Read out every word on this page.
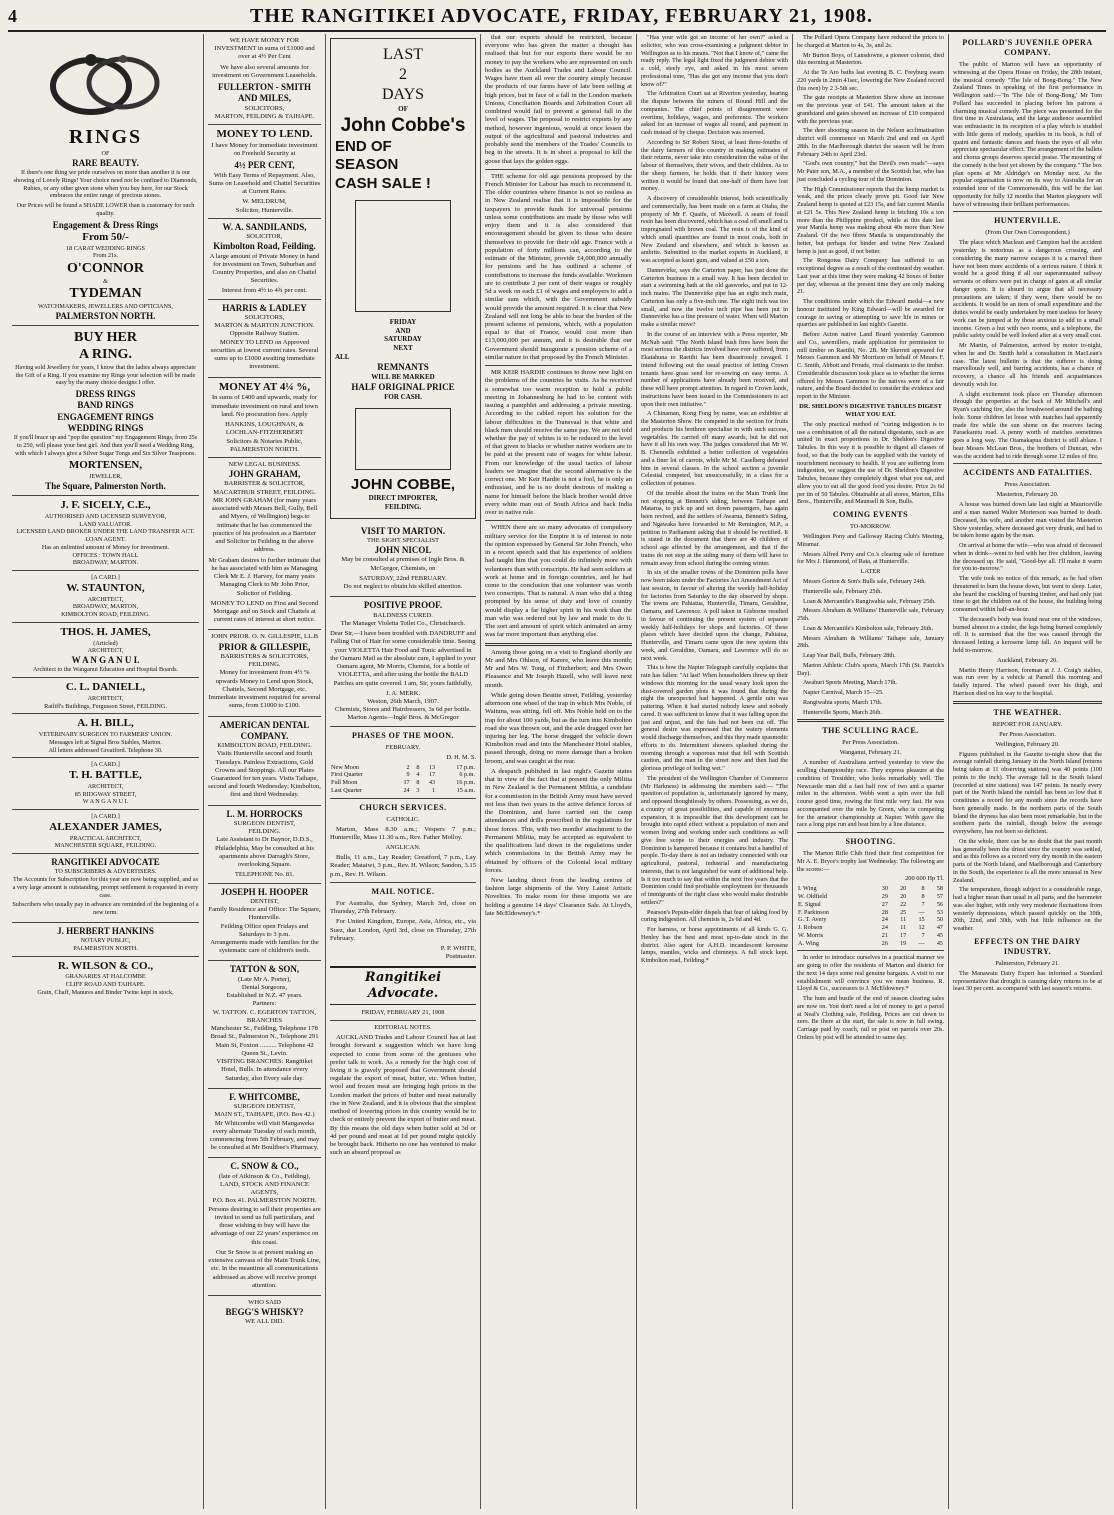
4	THE RANGITIKEI ADVOCATE, FRIDAY, FEBRUARY 21, 1908.
RINGS
OF
RARE BEAUTY.

If there's one thing we pride ourselves on more than another it is our showing of Lovely Rings! Your choice need not be confined to Diamonds, Rubies, or any other given stone when you buy here, for our Stock embraces the entire range of precious stones.

Our Prices will be found a SHADE LOWER than is customary for such quality.

Engagement & Dress Rings
From 50/-
18 CARAT WEDDING RINGS
From 21s.
O'CONNOR
&
TYDEMAN
WATCHMAKERS, JEWELLERS AND OPTICIANS,
PALMERSTON NORTH.
BUY HER
A RING.

Having sold Jewellery for years, I know that the ladies always appreciate the Gift of a Ring. If you examine my Rings your selection will be made easy by the many choice designs I offer.

DRESS RINGS
BAND RINGS
ENGAGEMENT RINGS
WEDDING RINGS

If you'll brace up and "pop the question" my Engagement Rings, from 25s to 250, will please your best girl. And then you'll need a Wedding Ring, with which I always give a Silver Sugar Tongs and Six Silver Teaspoons.

MORTENSEN,
JEWELLER,
The Square, Palmerston North.
J. F. SICELY, C.E.,
AUTHORISED AND LICENSED SURVEYOR,
LAND VALUATOR.
LICENSED LAND BROKER UNDER THE LAND TRANSFER ACT.
LOAN AGENT.
Has an unlimited amount of Money for investment.
OFFICES : TOWN HALL
BROADWAY, MARTON.
[A CARD.]
W. STAUNTON,
ARCHITECT,
BROADWAY, MARTON,
KIMBOLTON ROAD, FEILDING.
THOS. H. JAMES,
(Articled)
ARCHITECT,
W A N G A N U I.
Architect to the Wanganui Education and Hospital Boards.
C. L. DANIELL,
ARCHITECT,
Ratliff's Buildings, Fergusson Street, FEILDING.
A. H. BILL,
VETERINARY SURGEON TO FARMERS' UNION.
Messages left at Signal Bros Stables, Marton.
All letters addressed Greatford. Telephone 30.
[A CARD.]
T. H. BATTLE,
ARCHITECT,
85 RIDGWAY STREET,
W A N G A N U I.
[A CARD.]
ALEXANDER JAMES,
PRACTICAL ARCHITECT,
MANCHESTER SQUARE, FEILDING.
RANGITIKEI ADVOCATE
TO SUBSCRIBERS & ADVERTISERS.

The Accounts for Subscription for this year are now being supplied, and as a very large amount is outstanding, prompt settlement is requested in every case.

Subscribers who usually pay in advance are reminded of the beginning of a new term.

J. HERBERT HANKINS
NOTARY PUBLIC,
PALMERSTON NORTH.
R. WILSON & CO.,
GRANARIES AT HALCOMBE
CLIFF ROAD AND TAIHAPE.
Grain, Chaff, Manures and Binder Twine kept in stock.

WE HAVE MONEY FOR INVESTMENT in sums of £1000 and over at 4½ Per Cent

We have also several amounts for investment on Government Leaseholds.

FULLERTON - SMITH AND MILES,
SOLICITORS,
MARTON, FEILDING & TAIHAPE.
MONEY TO LEND.

I have Money for immediate investment on Freehold Security at

4½ PER CENT,

With Easy Terms of Repayment. Also, Sums on Leasehold and Chattel Securities at Current Rates.

W. MELDRUM,
Solicitor, Hunterville.
W. A. SANDILANDS,
SOLICITOR,
Kimbolton Road, Feilding.

A large amount of Private Money in hand for investment on Town, Suburban and Country Properties, and also on Chattel Securities.

Interest from 4½ to 4¾ per cent.
HARRIS & LADLEY
SOLICITORS,
MARTON & MARTON JUNCTION.
Opposite Railway Station.

MONEY TO LEND on Approved securities at lowest current rates. Several sums up to £1000 awaiting immediate investment.

MONEY AT 4¼ %,

In sums of £400 and upwards, ready for immediate investment on rural and town land. No procuration fees. Apply

HANKINS, LOUGHNAN, & LOCHLAN-FITZHERBERT
Solicitors & Notaries Public, PALMERSTON NORTH.
NEW LEGAL BUSINESS.
JOHN GRAHAM,
BARRISTER & SOLICITOR,
MACARTHUR STREET, FEILDING.

MR JOHN GRAHAM (for many years associated with Messrs Bell, Gully, Bell and Myers, of Wellington) begs to intimate that he has commenced the practice of his profession as a Barrister and Solicitor in Feilding in the above address.

Mr Graham desires to further intimate that he has associated with him as Managing Clerk Mr E. J. Harvey, for many years Managing Clerk to Mr John Prior, Solicitor of Feilding.

MONEY TO LEND on First and Second Mortgage and on Stock and Chattels at current rates of interest at short notice.

JOHN PRIOR. O. N. GILLESPIE, LL.B
PRIOR & GILLESPIE,
BARRISTERS & SOLICITORS,
FEILDING.

Money for investment from 4½ % upwards Money to Lend upon Stock, Chattels, Second Mortgage, etc. Immediate investment required for several sums, from £1000 to £100.

AMERICAN DENTAL COMPANY.
KIMBOLTON ROAD, FEILDING.

Visits Hunterville second and fourth Tuesdays. Painless Extractions, Gold Crowns and Stoppings. All our Plates Guaranteed for ten years. Visits Taihape, second and fourth Wednesday; Kimbolton, first and third Wednesday.

L. M. HORROCKS
SURGEON DENTIST,
FEILDING.

Late Assistant to Dr Baynor, D.D.S., Philadelphia, May be consulted at his apartments above Darragh's Store, overlooking Square.

TELEPHONE No. 81.
JOSEPH H. HOOPER
DENTIST,
Family Residence and Office: The Square, Hunterville.
Feilding Office open Fridays and Saturdays to 3 p.m.

Arrangements made with families for the systematic care of children's teeth.

TATTON & SON,
(Late Mr A. Porter),
Dental Surgeons,
Established in N.Z. 47 years.
Partners:
W. TATTON. C. EGERTON TATTON,
BRANCHES
Manchester St., Feilding, Telephone 178
Broad St., Palmerston N., Telephone 291
Main St, Foxton .......... Telephone 42
Queen St., Levin.

VISITING BRANCHES: Rangitikei Hotel, Bulls. In attendance every Saturday, also Every sale day.

F. WHITCOMBE,
SURGEON DENTIST,
MAIN ST., TAIHAPE, (P.O. Box 42.)

Mr Whitcombe will visit Mangaweka every alternate Tuesday of each month, commencing from 5th February, and may be consulted at Mr Boultbee's Pharmacy.

C. SNOW & CO.,
(late of Atkinson & Co., Feilding),
LAND, STOCK AND FINANCE AGENTS,
P.O. Box 41. PALMERSTON NORTH.

Persons desiring to sell their properties are invited to send us full particulars, and those wishing to buy will have the advantage of our 22 years' experience on this coast.

Our Sr Snow is at present making an extensive canvass of the Main Trunk Line, etc. In the meantime all communications addressed as above will receive prompt attention.

WHO SAID
BEGG'S WHISKY?
WE ALL DID.
LAST
2
DAYS
OF
John Cobbe's
END OF
SEASON
CASH SALE !
FRIDAY
AND
SATURDAY
NEXT
ALL
REMNANTS
WILL BE MARKED
HALF ORIGINAL PRICE
FOR CASH.
JOHN COBBE,
DIRECT IMPORTER,
FEILDING.
VISIT TO MARTON.
THE SIGHT SPECIALIST
JOHN NICOL

May be consulted at premises of Ingle Bros. & McGregor, Chemists, on

SATURDAY, 22nd FEBRUARY.

Do not neglect to obtain his skilled attention.

POSITIVE PROOF.
BALDNESS CURED.

The Manager Violetta Toilet Co., Christchurch.

Dear Sir,—I have been troubled with DANDRUFF and Falling Out of Hair for some considerable time. Seeing your VIOLETTA Hair Food and Tonic advertised in the Oamaru Mail as the absolute cure, I applied to your Oamaru agent, Mr Morris, Chemist, for a bottle of VIOLETTA, and after using the bottle the BALD Patches are quite covered. I am, Sir, yours faithfully,

J. A. MERK.
Weston, 26th March, 1907.
Chemists, Stores and Hairdressers, 3s 6d per bottle.
Marton Agents—Ingle Bros. & McGregor
PHASES OF THE MOON.
FEBRUARY.
D. H. M. S.
New Moon	2	8	13	17 p.m.
First Quarter	9	4	17	6 p.m.
Full Moon	17	8	43	16 p.m.
Last Quarter	24	3	1	15 a.m.
CHURCH SERVICES.
CATHOLIC.

Marton, Mass 8.30 a.m.; Vespers 7 p.m.; Hunterville, Mass 11.30 a.m., Rev. Father Molloy.

ANGLICAN.

Bulls, 11 a.m., Lay Reader; Greatford, 7 p.m., Lay Reader; Mataiwi, 3 p.m., Rev. H. Wilson; Sandon, 3.15 p.m., Rev. H. Wilson.

MAIL NOTICE.

For Australia, due Sydney, March 3rd, close on Thursday, 27th February.

For United Kingdom, Europe, Asia, Africa, etc., via Suez, due London, April 3rd, close on Thursday, 27th February.

P. P. WHITE,
Postmaster.
Rangitikei Advocate.
FRIDAY, FEBRUARY 21, 1908
EDITORIAL NOTES.

AUCKLAND Trades and Labour Council has at last brought forward a suggestion which we have long expected to come from some of the geniuses who prefer talk to work. As a remedy for the high cost of living it is gravely proposed that Government should regulate the export of meat, butter, etc. When butter, wool and frozen meat are bringing high prices in the London market the prices of butter and meat naturally rise in New Zealand, and it is obvious that the simplest method of lowering prices in this country would be to check or entirely prevent the export of butter and meat. By this means the old days when butter sold at 3d or 4d per pound and meat at 1d per pound might quickly be brought back. Hitherto no one has ventured to make such an absurd proposal as

that our exports should be restricted, because everyone who has given the matter a thought has realised that but for our exports there would be no money to pay the workers who are represented on such bodies as the Auckland Trades and Labour Council. Wages have risen all over the country simply because the products of our farms have of late been selling at high prices, but in face of a fall in the London markets Unions, Conciliation Boards and Arbitration Court all combined would fail to prevent a general fall in the level of wages. The proposal to restrict exports by any method, however ingenious, would at once lessen the output of the agricultural and pastoral industries and probably send the members of the Trades' Councils to beg in the streets. It is in short a proposal to kill the goose that lays the golden eggs.

THE scheme for old age pensions proposed by the French Minister for Labour has much to recommend it. The older countries where finance is not so restless as in New Zealand realise that it is impossible for the taxpayers to provide funds for universal pensions unless some contributions are made by those who will enjoy them and it is also considered that encouragement should be given to those who desire themselves to provide for their old age. France with a population of forty millions can, according to the estimate of the Minister, provide £4,000,000 annually for pensions and he has outlined a scheme of contributions to increase the funds available. Workmen are to contribute 2 per cent of their wages or roughly 5d a week on each £1 of wages and employers to add a similar sum which, with the Government subsidy would provide the amount required. It is clear that New Zealand will not long be able to bear the burden of the present scheme of pensions, which, with a population equal to that of France, would cost more than £13,000,000 per annum, and it is desirable that our Government should inaugurate a pension scheme of a similar nature to that proposed by the French Minister.

MR KEIR HARDIE continues to throw new light on the problems of the countries he visits. As he received a somewhat too warm reception to hold a public meeting in Johannesburg he had to be content with issuing a pamphlet and addressing a private meeting. According to the cabled report his solution for the labour difficulties in the Transvaal is that white and black men should receive the same pay. We are not told whether the pay of whites is to be reduced to the level of that given to blacks or whether native workers are to be paid at the present rate of wages for white labour. From our knowledge of the usual tactics of labour leaders we imagine that the second alternative is the correct one. Mr Keir Hardie is not a fool, he is only an enthusiast, and he is no doubt desirous of making a name for himself before the black brother would drive every white man out of South Africa and back India over to native rule.

WHEN there are so many advocates of compulsory military service for the Empire it is of interest to note the opinion expressed by General Sir John French, who in a recent speech said that his experience of soldiers had taught him that you could do infinitely more with volunteers than with conscripts. He had seen soldiers at work at home and in foreign countries, and he had come to the conclusion that one volunteer was worth two conscripts. That is natural. A man who did a thing prompted by his sense of duty and love of country would display a far higher spirit in his work than the man who was ordered out by law and made to do it. The sort and amount of spirit which animated an army was far more important than anything else.

Among those going on a visit to England shortly are Mr and Mrs Ohlson, of Karere, who leave this month; Mr and Mrs W. Tong, of Fitzherbert; and Mrs Owen Pleasance and Mr Joseph Hazell, who will leave next month.

While going down Beattie street, Feilding, yesterday afternoon one wheel of the trap in which Mrs Noble, of Waituna, was sitting, fell off. Mrs Noble held on to the trap for about 100 yards, but as the turn into Kimbolton road she was thrown out, and the axle dragged over her injuring her leg. The horse dragged the vehicle down Kimbolton road and into the Manchester Hotel stables, passed through, doing no more damage than a broken broom, and was caught at the rear.

A despatch published in last night's Gazette states that in view of the fact that at present the only Militia in New Zealand is the Permanent Militia, a candidate for a commission in the British Army must have served not less than two years in the active defence forces of the Dominion, and have carried out the camp attendances and drills prescribed in the regulations for those forces. This, with two months' attachment to the Permanent Militia, may be accepted as equivalent to the qualifications laid down in the regulations under which commissions in the British Army may be obtained by officers of the Colonial local military forces.

New landing direct from the leading centres of fashion large shipments of the Very Latest Artistic Novelties. To make room for these imports we are holding a genuine 14 days' Clearance Sale. At Lloyd's, late McEldowney's.*

"Has your wife got an income of her own?" asked a solicitor, who was cross-examining a judgment debtor in Wellington as to his means. "Not that I know of," came the ready reply. The legal light fixed the judgment debtor with a cold, steely eye, and asked in his most severe professional tone, "Has she got any income that you don't know of?"

The Arbitration Court sat at Riverton yesterday, hearing the dispute between the miners of Round Hill and the companies. The chief points of disagreement were overtime, holidays, wages, and preference. The workers asked for an increase of wages all round, and payment in cash instead of by cheque. Decision was reserved.

According to Sir Robert Stout, at least three-fourths of the dairy farmers of this country in making estimates of their returns, never take into consideration the value of the labour of themselves, their wives, and their children. As to the sheep farmers, he holds that if their history were written it would be found that one-half of them have lost money.

A discovery of considerable interest, both scientifically and commercially, has been made on a farm at Otaha, the property of Mr F. Quaife, of Maxwell. A seam of fossil resin has been discovered, which has a coal oil smell and is impregnated with brown coal. The resin is of the kind of which small quantities are found in most coals, both in New Zealand and elsewhere, and which is known as ambrite. Submitted to the market experts in Auckland, it was accepted as kauri gum, and valued at £50 a ton.

Dannevirke, says the Carterton paper, has just done the Carterton business in a small way. It has been decided to start a swimming bath at the old gasworks, and put in 12-inch mains. The Dannevirke pipe has an eight inch main, Carterton has only a five-inch one. The eight inch was too small, and now the twelve inch pipe has been put in Dannevirke has a fine pressure of water. When will Marton make a similar move?

In the course of an interview with a Press reporter, Mr McNab said: "The North Island bush fires have been the most serious the districts involved have ever suffered, from Ekatahuna to Raetihi has been disastrously ravaged. I intend following out the usual practice of letting Crown tenants have grass seed for re-sowing on easy terms. A number of applications have already been received, and these will have prompt attention. In regard to Crown lands, instructions have been issued to the Commissioners to act upon their own initiative."

A Chinaman, Kong Fong by name, was an exhibitor at the Masterton Show. He competed in the section for fruits and products his brethren specialise in with such success, vegetables. He carried off many awards, but he did not have it all his own way. The judges considered that Mr W. B. Chennells exhibited a better collection of vegetables and a finer lot of carrots, while Mr M. Caselberg defeated him in several classes. In the school section a juvenile Celestial competed, but unsuccessfully, in a class for a collection of potatoes.

Of the trouble about the trains on the Main Trunk line not stopping at Bennett's siding, between Taihape and Mataroa, to pick up and set down passengers, has again been revived, and the settlers of Awarua, Bennett's Siding, and Ngawaka have forwarded to Mr Remington, M.P., a petition to Parliament asking that it should be rectified. It is stated in the document that there are 40 children of school age affected by the arrangement, and that if the trains do not stop at the siding many of them will have to remain away from school during the coming winter.

In six of the smaller towns of the Dominion polls have now been taken under the Factories Act Amendment Act of last session, in favour of altering the weekly half-holiday for factories from Saturday to the day observed by shops. The towns are Pahiatua, Hunterville, Timaru, Geraldine, Oamaru, and Lawrence. A poll taken in Gisborne resulted in favour of continuing the present system of separate weekly half-holidays for shops and factories. Of these places which have decided upon the change, Pahiatua, Hunterville, and Timaru came upon the new system this week, and Geraldine, Oamaru, and Lawrence will do so next week.

This is how the Napier Telegraph carefully explains that rain has fallen: "At last! When householders threw up their windows this morning for the usual weary look upon the dust-covered garden plots it was found that during the night the unexpected had happened. A gentle rain was pattering. When it had started nobody knew and nobody cared. It was sufficient to know that it was falling upon the just and unjust, and the fats had not been cut off. The general desire was expressed that the watery elements would discharge themselves, and this they made spasmodic efforts to do. Intermittent showers splashed during the morning through a vaporous mist that fell with Scottish caution, and the man in the street now and then had the glorious privilege of feeling wet."

The president of the Wellington Chamber of Commerce (Mr Harkness) in addressing the members said:— "The question of population is, unfortunately ignored by many, and opposed thoughtlessly by others. Possessing, as we do, a country of great possibilities, and capable of enormous expansion, it is impossible that this development can be brought into rapid effect without a population of men and women living and working under such conditions as will give free scope to their energies and industry. The Dominion is hampered because it contains but a handful of people. To-day there is not an industry connected with our agricultural, pastoral, industrial and manufacturing interests, that is not languished for want of additional help. Is it too much to say that within the next five years that the Dominion could find profitable employment for thousands of immigrants of the right class who would make desirable settlers?"

Pearson's Pepsin-elder dispels that fear of taking food by curing indigestion. All chemists is, 2s 6d and 4d.

For harness, or horse appointments of all kinds G. G. Henley has the best and most up-to-date stock in the district. Also agent for A.H.D. incandescent kerosene lamps, mantles, wicks and chimneys. A full stock kept. Kimbolton road, Feilding.*

The Pollard Opera Company have reduced the prices to be charged at Marton to 4s, 3s, and 2s.

Mr Burton Boys, of Lansdowne, a pioneer colonist, died this morning at Masterton.

At the Te Aro baths last evening B. C. Freyburg swam 220 yards in 2min 41sec, lowering the New Zealand record (his own) by 2 3-5th sec.

The gate receipts at Masterton Show show an increase on the previous year of £41. The amount taken at the grandstand and gates showed an increase of £10 compared with the previous year.

The deer shooting season in the Nelson acclimatisation district will commence on March 2nd and end on April 28th. In the Marlborough district the season will be from February 24th to April 23rd.

"God's own country," but the Devil's own roads"—says Mr Pater son, M.A., a member of the Scottish bar, who has just concluded a cycling tour of the Dominion.

The High Commissioner reports that the hemp market is weak, and the prices clearly prove pit. Good fair New Zealand hemp is quoted at £23 15s, and fair current Manila at £21 5s. This New Zealand hemp is fetching 10s a ton more than the Philippine product, while at this date last year Manila hemp was making about 40s more than New Zealand. Of the two fibres Manila is unquestionably the better, but perhaps for binder and twine New Zealand hemp is just as good, if not better.

The Rongotea Dairy Company has suffered to an exceptional degree as a result of the continued dry weather. Last year at this time they were making 42 boxes of butter per day, whereas at the present time they are only making 21.

The conditions under which the Edward medal—a new honour instituted by King Edward—will be awarded for courage in saving or attempting to save life in mines or quarries are published in last night's Gazette.

Before Acton native Land Board yesterday Gammon and Co., sawmillers, made application for permission to mill timber on Raetihi, No. 2B. Mr Skerrett appeared for Messrs Gammon and Mr Morrison on behalf of Messrs F. C. Smith, Abbott and Froude, rival claimants to the timber. Considerable discussion took place as to whether the terms offered by Messrs Gammon to the natives were of a fair nature, and the Board decided to consider the evidence and report to the Minister.

DR. SHELDON'S DIGESTIVE TABULES DIGEST WHAT YOU EAT.

The only practical method of "curing indigestion is to use a combination of all the natural digestants, such as are united in exact proportions in Dr. Sheldon's Digestive Tabules. In this way it is possible to digest all classes of food, so that the body can be supplied with the variety of nourishment necessary to health. If you are suffering from indigestion, we suggest the use of Dr. Sheldon's Digestive Tabules, because they completely digest what you eat, and allow you to eat all the good food you desire. Price 2s 6d per tin of 50 Tabules. Obtainable at all stores, Marton, Ellis Bros., Hunterville, and Maunsell & Son, Bulls.

COMING EVENTS
TO-MORROW.

Wellington Pony and Galloway Racing Club's Meeting, Miramar.

Messrs Alfred Perry and Co.'s clearing sale of furniture for Mrs J. Hammond, of Rata, at Hunterville.

LATER

Messrs Gorton & Son's Bulls sale, February 24th.

Hunterville sale, February 25th.

Loan & Mercantile's Rangiwahia sale, February 25th.

Messrs Abraham & Williams' Hunterville sale, February 25th.

Loan & Mercantile's Kimbolton sale, February 26th.

Messrs Abraham & Williams' Taihape sale, January 28th.

Leap Year Ball, Bulls, February 28th.

Marton Athletic Club's sports, March 17th (St. Patrick's Day).

Awahuri Sports Meeting, March 17th.

Napier Carnival, March 15—25.

Rangiwahia sports, March 17th.

Hunterville Sports, March 26th.

THE SCULLING RACE.
Per Press Association.
Wanganui, February 21.

A number of Australians arrived yesterday to view the sculling championship race. They express pleasure at the condition of Tresidder, who looks remarkably well. The Newcastle man did a fast half row of two and a quarter miles in the afternoon. Webb went a spin over the full course good time, rowing the first mile very fast. He was accompanied over the mile by Green, who is competing for the amateur championship at Napier. Webb gave the race a long pipe run and beat him by a line distance.

SHOOTING.

The Marton Rifle Club fired their first competition for Mr A. E. Bryce's trophy last Wednesday. The following are the scores:—

200 600 Hp Tl.
I. Wing	30	20	8	58
W. Oldfield	29	20	8	57
E. Signal	27	22	7	56
F. Parkinson	28	25	—	53
G. T. Avery	24	11	15	50
J. Robson	24	11	12	47
W. Morris	21	17	7	45
A. Wing	26	19	—	45

In order to introduce ourselves in a practical manner we are going to offer the residents of Marton and district for the next 14 days some real genuine bargains. A visit to our establishment will convince you we mean business. R. Lloyd & Co., successors to J. McEldowney.*

The hum and bustle of the end of season clearing sales are now on. You don't need a lot of money to get a parcel at Neal's Clothing sale, Feilding. Prices are cut down to zero. Be there at the start, the sale is now in full swing. Carriage paid by coach, rail or post on parcels over 20s. Orders by post will be attended to same day.

POLLARD'S JUVENILE OPERA COMPANY.

The public of Marton will have an opportunity of witnessing at the Opera House on Friday, the 28th instant, the musical comedy "The Isle of Bong-Bong." The New Zealand Times in speaking of the first performance in Wellington said:—"In 'The Isle of Bong-Bong,' Mr Tom Pollard has succeeded in placing before his patrons a charming musical comedy. The piece was presented for the first time in Australasia, and the large audience assembled was enthusiastic in its reception of a play which is studded with little gems of melody, sparkles in its book, is full of quaint and fantastic dances and feasts the eyes of all who appreciate spectacular effect. The arrangement of the ballets and chorus groups deserves special praise. The mounting of the comedy is the best yet shown by the company." The box plan opens at Mr Aldridge's on Monday next. As the popular organisation is now on its way to Australia for an extended tour of the Commonwealth, this will be the last opportunity for fully 12 months that Marton playgoers will have of witnessing their brilliant performances.

HUNTERVILLE.
(From Our Own Correspondent.)

The place which Maclean and Campion had the accident yesterday is notorious as a dangerous crossing, and considering the many narrow escapes it is a marvel there have not been more accidents of a serious nature. I think it would be a good thing if all our superannuated railway servants or others were put in charge of gates at all similar danger spots. It is absurd to argue that all necessary precautions are taken; if they were, there would be no accidents. It would be an item of small expenditure and the duties would be easily undertaken by men useless for heavy work can be jumped at by those anxious to add to a small income. Given a hut with two rooms, and a telephone, the public safety could be well looked after at a very small cost.

Mr Martin, of Palmerston, arrived by motor to-night, when he and Dr. Smith held a consultation in MacLean's case. The latest bulletin is that the sufferer is doing marvellously well, and barring accidents, has a chance of recovery, a chance all his friends and acquaintances devoutly wish for.

A slight excitement took place on Thursday afternoon through the properties at the back of Mr Mitchell's and Ryan's catching fire, also the brushwood around the bathing hole. Some children let loose with matches had apparently made fire while the sun shone on the reserves facing Paraekaretu road. A penny worth of matches sometimes goes a long way. The Otamakapua district is still ablaze. I hear Messrs McLean Bros., the brothers of Duncan, who was the accident had to ride through some 12 miles of fire.

ACCIDENTS AND FATALITIES.
Press Association.
Masterton, February 20.

A house was burned down late last night at Mauriceville and a man named Walter Morterson was burned to death. Deceased, his wife, and another man visited the Masterton Show yesterday, where deceased got very drunk, and had to be taken home again by the man.

On arrival at home the wife—who was afraid of deceased when in drink—went to bed with her five children, leaving the deceased up. He said, "Good-bye all. I'll make it warm for you to-morrow."

The wife took no notice of this remark, as he had often threatened to burn the house down, but went to sleep. Later, she heard the crackling of burning timber, and had only just time to get the children out of the house, the building being consumed within half-an-hour.

The deceased's body was found near one of the windows, burned almost to a cinder, the legs being burned completely off. It is surmised that the fire was caused through the deceased letting a kerosene lamp fall. An inquest will be held to-morrow.

Auckland, February 20.

Martin Henry Harrison, foreman at J. J. Craig's stables, was run over by a vehicle at Parnell this morning and fatally injured. The wheel passed over his thigh, and Harrison died on his way to the hospital.

THE WEATHER.
REPORT FOR JANUARY.
Per Press Association.
Wellington, February 20.

Figures published in the Gazette to-night show that the average rainfall during January in the North Island (returns being taken at 11 observing stations) was 40 points (100 points to the inch). The average fall in the South Island (recorded at nine stations) was 147 points. In nearly every part of the North Island the rainfall has been so low that it constitutes a record for any month since the records have been generally made. In the northern parts of the South Island the dryness has also been most remarkable, but in the southern parts the rainfall, though below the average everywhere, has not been so deficient.

On the whole, there can be no doubt that the past month has generally been the driest since the country was settled, and as this follows as a record very dry month in the eastern parts of the North Island, and Marlborough and Canterbury in the South, the experience is all the more unusual in New Zealand.

The temperature, though subject to a considerable range, had a higher mean than usual in all parts, and the barometer was also higher, with only very moderate fluctuations from westerly depressions, which passed quickly on the 10th, 20th, 22nd, and 30th, with but little influence on the weather.

EFFECTS ON THE DAIRY INDUSTRY.
Palmerston, February 21.

The Manawatu Dairy Expert has informed a Standard representative that drought is causing dairy returns to be at least 30 per cent. as compared with last season's returns.
